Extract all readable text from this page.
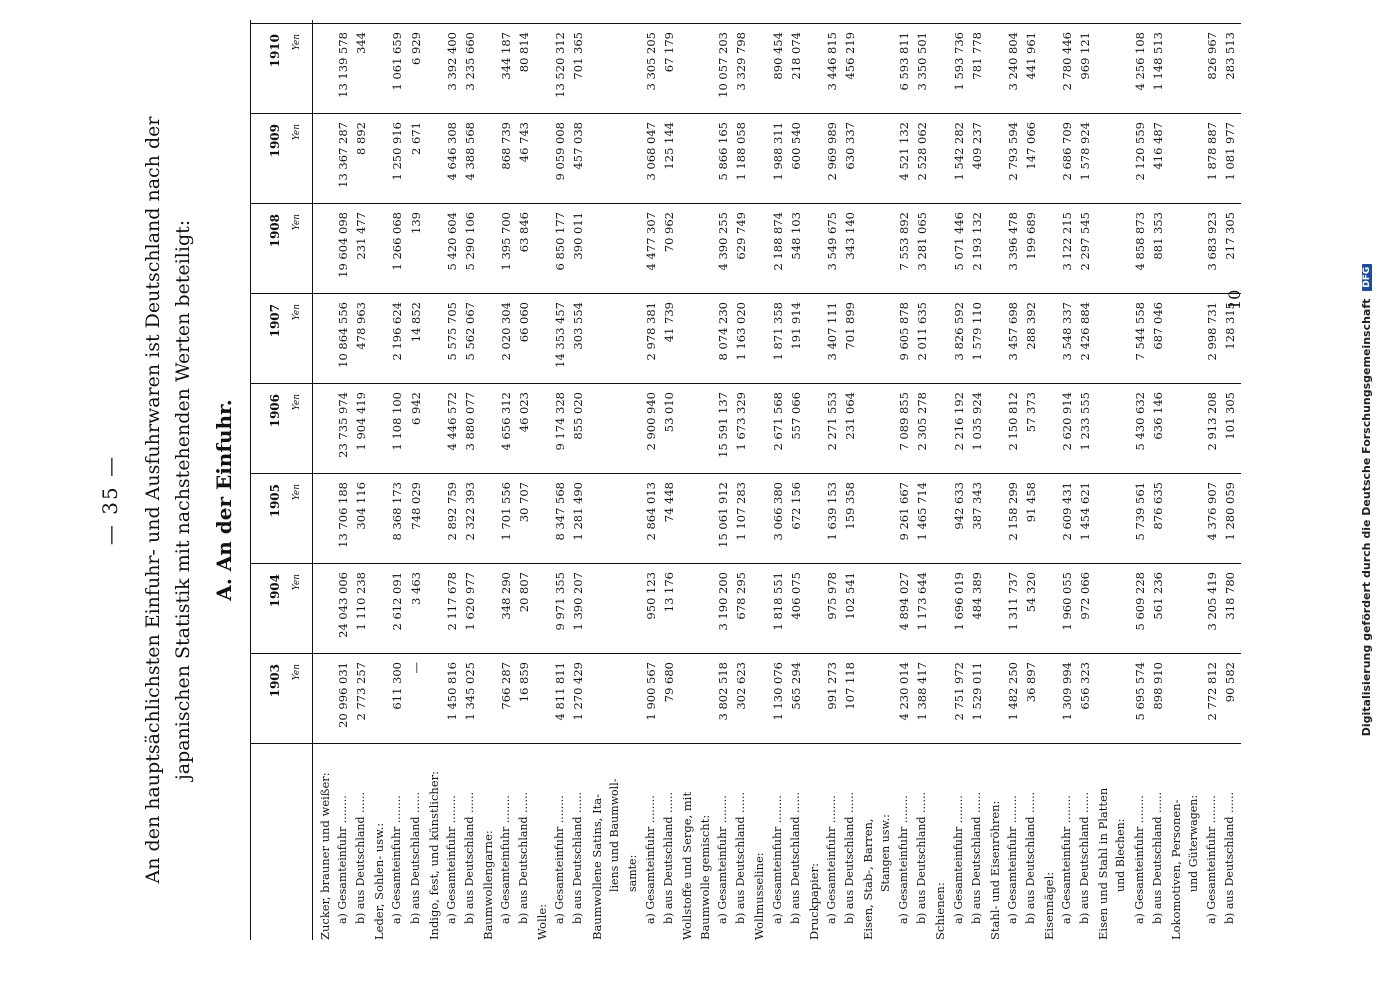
— 35 — An den hauptsächlichsten Einfuhr- und Ausfuhrwaren ist Deutschland nach der japanischen Statistik mit nachstehenden Werten beteiligt: A. An der Einfuhr.
1903 Yen
1904 Yen
1905 Yen
1906 Yen
1907 Yen
1908 Yen
1909 Yen
1910 Yen
Zucker, brauner und weißer: a) Gesamteinfuhr ........ b) aus Deutschland ...... Leder, Sohlen- usw.: a) Gesamteinfuhr ........ b) aus Deutschland ...... Indigo, fest, und künstlicher: a) Gesamteinfuhr ........ b) aus Deutschland ...... Baumwollengarne: a) Gesamteinfuhr ........ b) aus Deutschland ...... Wolle: a) Gesamteinfuhr ........ b) aus Deutschland ...... Baumwollene Satins, Ita- liens und Baumwoll- samte: a) Gesamteinfuhr ........ b) aus Deutschland ...... Wollstoffe und Serge, mit Baumwolle gemischt: a) Gesamteinfuhr ........ b) aus Deutschland ...... Wollmusseline: a) Gesamteinfuhr ........ b) aus Deutschland ...... Druckpapier: a) Gesamteinfuhr ........ b) aus Deutschland ...... Eisen, Stab-, Barren, Stangen usw.: a) Gesamteinfuhr ........ b) aus Deutschland ...... Schienen: a) Gesamteinfuhr ........ b) aus Deutschland ...... Stahl- und Eisenröhren: a) Gesamteinfuhr ........ b) aus Deutschland ...... Eisennägel: a) Gesamteinfuhr ........ b) aus Deutschland ...... Eisen und Stahl in Platten und Blechen: a) Gesamteinfuhr ........ b) aus Deutschland ...... Lokomotiven, Personen- und Güterwagen: a) Gesamteinfuhr ........ b) aus Deutschland ......
20 996 031
24 043 006
13 706 188
23 735 974
10 864 556
19 604 098
13 367 287
13 139 578
2 773 257
1 110 238
304 116
1 904 419
478 963
231 477
8 892
344
611 300
2 612 091
8 368 173
1 108 100
2 196 624
1 266 068
1 250 916
1 061 659
—
3 463
748 029
6 942
14 852
139
2 671
6 929
1 450 816
2 117 678
2 892 759
4 446 572
5 575 705
5 420 604
4 646 308
3 392 400
1 345 025
1 620 977
2 322 393
3 880 077
5 562 067
5 290 106
4 388 568
3 235 660
766 287
348 290
1 701 556
4 656 312
2 020 304
1 395 700
868 739
344 187
16 859
20 807
30 707
46 023
66 060
63 846
46 743
80 814
4 811 811
9 971 355
8 347 568
9 174 328
14 353 457
6 850 177
9 059 008
13 520 312
1 270 429
1 390 207
1 281 490
855 020
303 554
390 011
457 038
701 365
1 900 567
950 123
2 864 013
2 900 940
2 978 381
4 477 307
3 068 047
3 305 205
79 680
13 176
74 448
53 010
41 739
70 962
125 144
67 179
3 802 518
3 190 200
15 061 912
15 591 137
8 074 230
4 390 255
5 866 165
10 057 203
302 623
678 295
1 107 283
1 673 329
1 163 020
629 749
1 188 058
3 329 798
1 130 076
1 818 551
3 066 380
2 671 568
1 871 358
2 188 874
1 988 311
890 454
565 294
406 075
672 156
557 066
191 914
548 103
600 540
218 074
991 273
975 978
1 639 153
2 271 553
3 407 111
3 549 675
2 969 989
3 446 815
107 118
102 541
159 358
231 064
701 899
343 140
630 337
456 219
4 230 014
4 894 027
9 261 667
7 089 855
9 605 878
7 553 892
4 521 132
6 593 811
1 388 417
1 173 644
1 465 714
2 305 278
2 011 635
3 281 065
2 528 062
3 350 501
2 751 972
1 696 019
942 633
2 216 192
3 826 592
5 071 446
1 542 282
1 593 736
1 529 011
484 389
387 343
1 035 924
1 579 110
2 193 132
409 237
781 778
1 482 250
1 311 737
2 158 299
2 150 812
3 457 698
3 396 478
2 793 594
3 240 804
36 897
54 320
91 458
57 373
288 392
199 689
147 066
441 961
1 309 994
1 960 055
2 609 431
2 620 914
3 548 337
3 122 215
2 686 709
2 780 446
656 323
972 066
1 454 621
1 233 555
2 426 884
2 297 545
1 578 924
969 121
5 695 574
5 609 228
5 739 561
5 430 632
7 544 558
4 858 873
2 120 559
4 256 108
898 910
561 236
876 635
636 146
687 046
881 353
416 487
1 148 513
2 772 812
3 205 419
4 376 907
2 913 208
2 998 731
3 683 923
1 878 887
826 967
90 582
318 780
1 280 059
101 305
128 315
217 305
1 081 977
283 513
10	Digitalisierung gefördert durch die Deutsche Forschungsgemeinschaft DFG
